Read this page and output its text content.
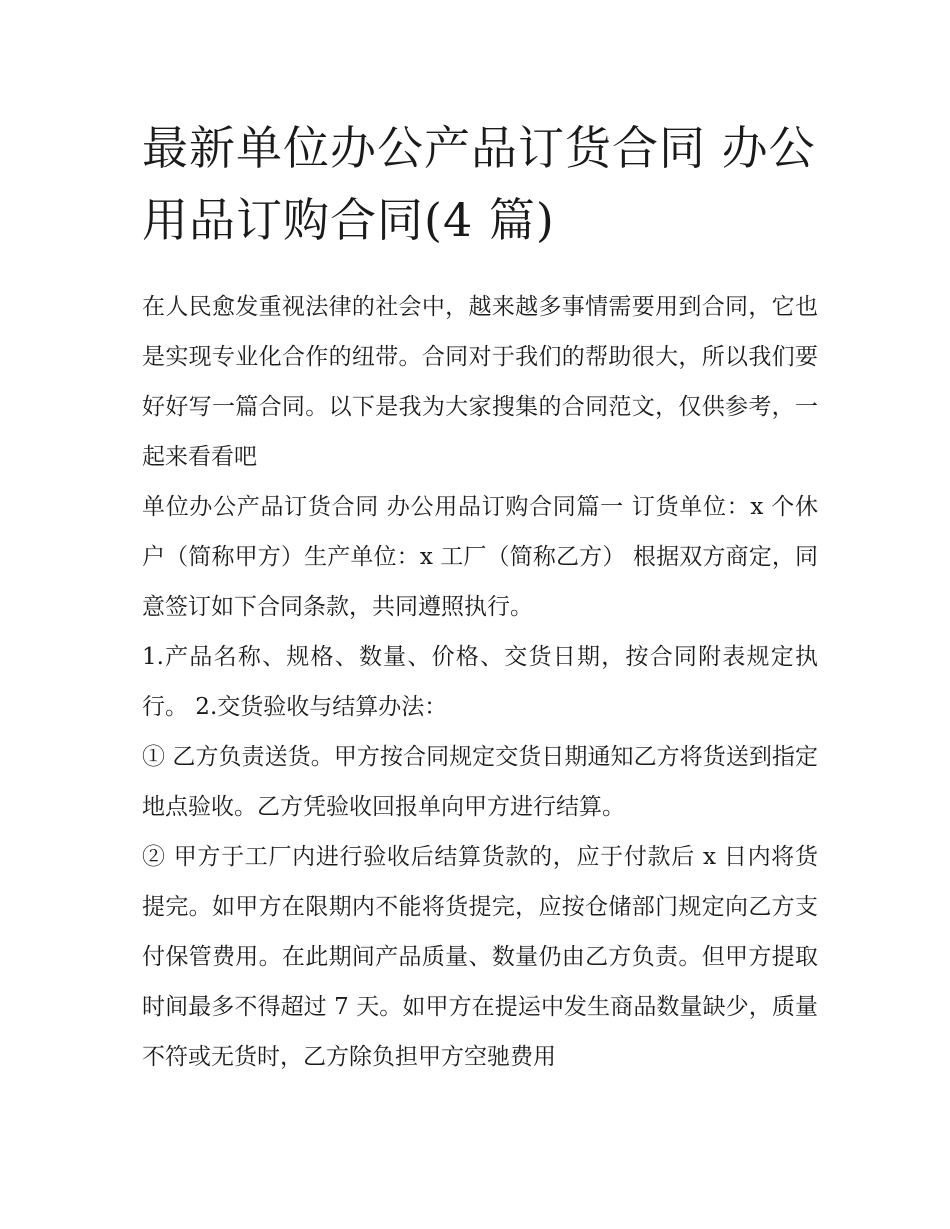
最新单位办公产品订货合同 办公用品订购合同(4 篇)

在人民愈发重视法律的社会中，越来越多事情需要用到合同，它也是实现专业化合作的纽带。合同对于我们的帮助很大，所以我们要好好写一篇合同。以下是我为大家搜集的合同范文，仅供参考，一起来看看吧

单位办公产品订货合同 办公用品订购合同篇一 订货单位：x 个休户（简称甲方）生产单位：x 工厂（简称乙方） 根据双方商定，同意签订如下合同条款，共同遵照执行。

1.产品名称、规格、数量、价格、交货日期，按合同附表规定执行。 2.交货验收与结算办法：

① 乙方负责送货。甲方按合同规定交货日期通知乙方将货送到指定地点验收。乙方凭验收回报单向甲方进行结算。

② 甲方于工厂内进行验收后结算货款的，应于付款后 x 日内将货提完。如甲方在限期内不能将货提完，应按仓储部门规定向乙方支付保管费用。在此期间产品质量、数量仍由乙方负责。但甲方提取时间最多不得超过 7 天。如甲方在提运中发生商品数量缺少，质量不符或无货时，乙方除负担甲方空驰费用
